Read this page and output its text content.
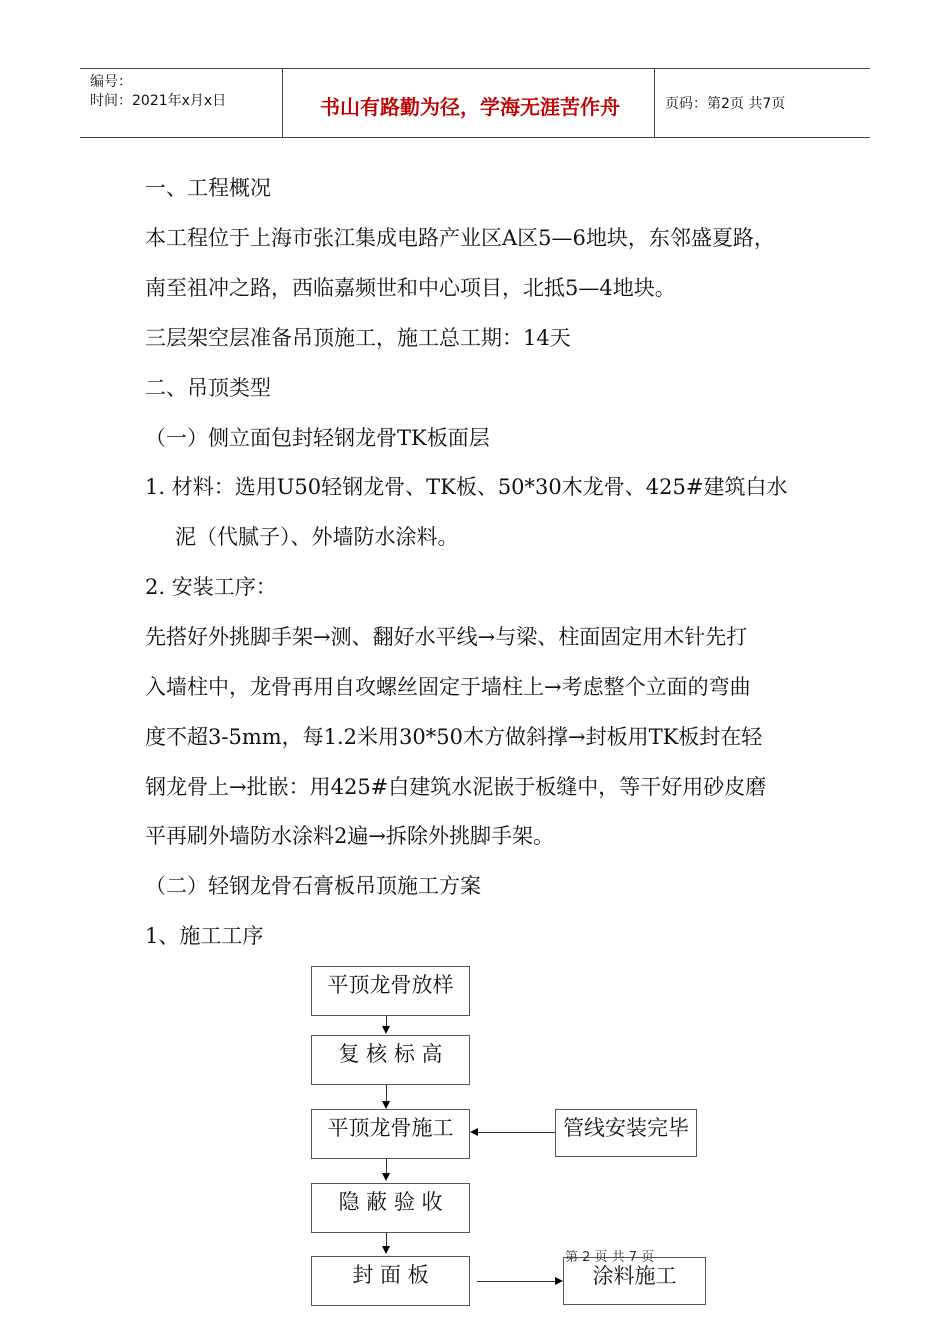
编号：
时间：2021年x月x日	书山有路勤为径，学海无涯苦作舟	页码：第2页 共7页
一、工程概况
本工程位于上海市张江集成电路产业区A区5—6地块，东邻盛夏路，
南至祖冲之路，西临嘉频世和中心项目，北抵5—4地块。
三层架空层准备吊顶施工，施工总工期：14天
二、吊顶类型
（一）侧立面包封轻钢龙骨TK板面层
1. 材料：选用U50轻钢龙骨、TK板、50*30木龙骨、425#建筑白水
泥（代腻子）、外墙防水涂料。
2. 安装工序：
先搭好外挑脚手架→测、翻好水平线→与梁、柱面固定用木针先打
入墙柱中，龙骨再用自攻螺丝固定于墙柱上→考虑整个立面的弯曲
度不超3-5mm，每1.2米用30*50木方做斜撑→封板用TK板封在轻
钢龙骨上→批嵌：用425#白建筑水泥嵌于板缝中，等干好用砂皮磨
平再刷外墙防水涂料2遍→拆除外挑脚手架。
（二）轻钢龙骨石膏板吊顶施工方案
1、施工工序
平顶龙骨放样
复 核 标 高
平顶龙骨施工	管线安装完毕
隐 蔽 验 收
封 面 板	涂料施工
